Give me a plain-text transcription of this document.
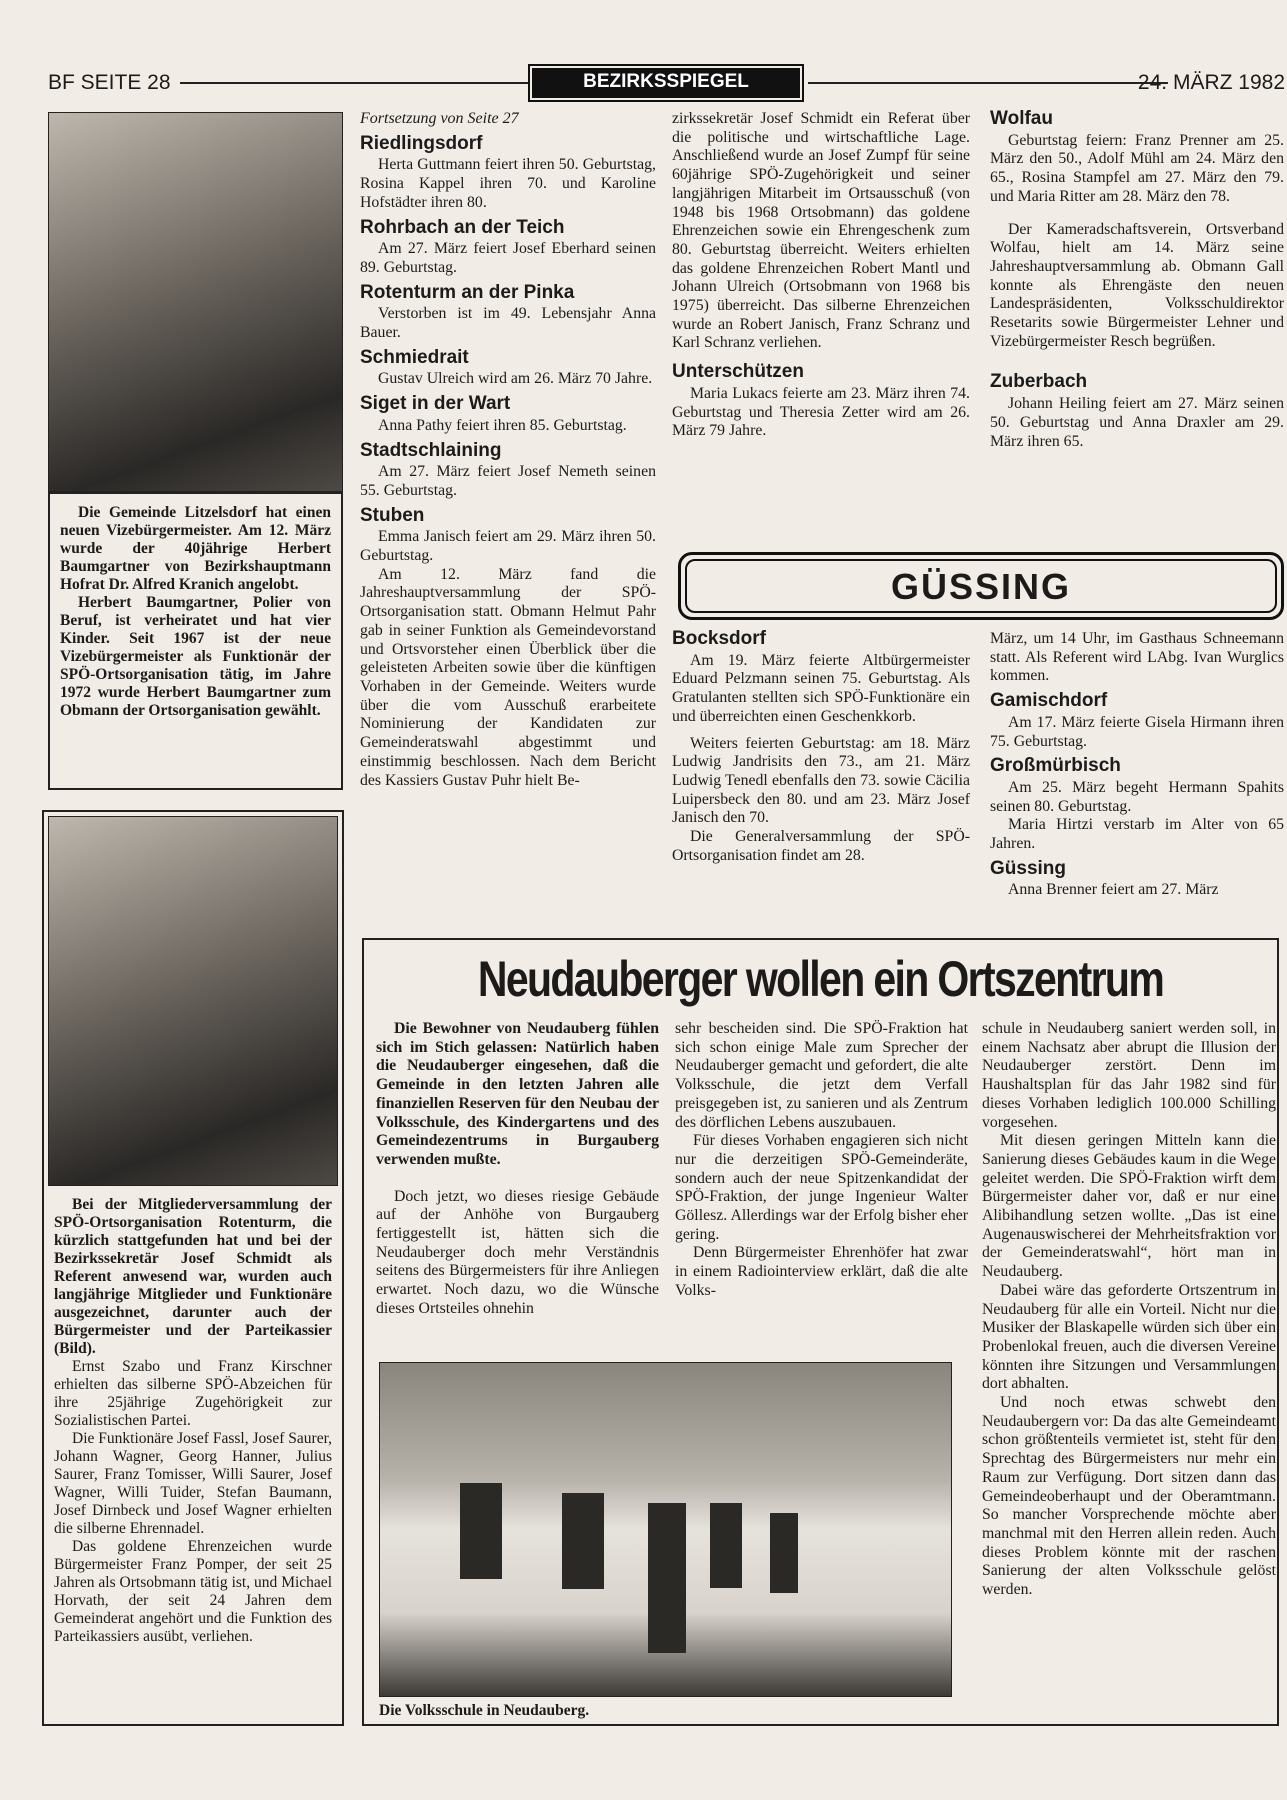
BF SEITE 28	BEZIRKSSPIEGEL	24. MÄRZ 1982

Die Gemeinde Litzelsdorf hat einen neuen Vizebürgermeister. Am 12. März wurde der 40jährige Herbert Baumgartner von Bezirkshauptmann Hofrat Dr. Alfred Kranich angelobt.

Herbert Baumgartner, Polier von Beruf, ist verheiratet und hat vier Kinder. Seit 1967 ist der neue Vizebürgermeister als Funktionär der SPÖ-Ortsorganisation tätig, im Jahre 1972 wurde Herbert Baumgartner zum Obmann der Ortsorganisation gewählt.

Bei der Mitgliederversammlung der SPÖ-Ortsorganisation Rotenturm, die kürzlich stattgefunden hat und bei der Bezirkssekretär Josef Schmidt als Referent anwesend war, wurden auch langjährige Mitglieder und Funktionäre ausgezeichnet, darunter auch der Bürgermeister und der Parteikassier (Bild).

Ernst Szabo und Franz Kirschner erhielten das silberne SPÖ-Abzeichen für ihre 25jährige Zugehörigkeit zur Sozialistischen Partei.

Die Funktionäre Josef Fassl, Josef Saurer, Johann Wagner, Georg Hanner, Julius Saurer, Franz Tomisser, Willi Saurer, Josef Wagner, Willi Tuider, Stefan Baumann, Josef Dirnbeck und Josef Wagner erhielten die silberne Ehrennadel.

Das goldene Ehrenzeichen wurde Bürgermeister Franz Pomper, der seit 25 Jahren als Ortsobmann tätig ist, und Michael Horvath, der seit 24 Jahren dem Gemeinderat angehört und die Funktion des Parteikassiers ausübt, verliehen.

Fortsetzung von Seite 27
Riedlingsdorf

Herta Guttmann feiert ihren 50. Geburtstag, Rosina Kappel ihren 70. und Karoline Hofstädter ihren 80.

Rohrbach an der Teich

Am 27. März feiert Josef Eberhard seinen 89. Geburtstag.

Rotenturm an der Pinka

Verstorben ist im 49. Lebensjahr Anna Bauer.

Schmiedrait

Gustav Ulreich wird am 26. März 70 Jahre.

Siget in der Wart

Anna Pathy feiert ihren 85. Geburtstag.

Stadtschlaining

Am 27. März feiert Josef Nemeth seinen 55. Geburtstag.

Stuben

Emma Janisch feiert am 29. März ihren 50. Geburtstag.

Am 12. März fand die Jahreshauptversammlung der SPÖ-Ortsorganisation statt. Obmann Helmut Pahr gab in seiner Funktion als Gemeindevorstand und Ortsvorsteher einen Überblick über die geleisteten Arbeiten sowie über die künftigen Vorhaben in der Gemeinde. Weiters wurde über die vom Ausschuß erarbeitete Nominierung der Kandidaten zur Gemeinderatswahl abgestimmt und einstimmig beschlossen. Nach dem Bericht des Kassiers Gustav Puhr hielt Be-

zirkssekretär Josef Schmidt ein Referat über die politische und wirtschaftliche Lage. Anschließend wurde an Josef Zumpf für seine 60jährige SPÖ-Zugehörigkeit und seiner langjährigen Mitarbeit im Ortsausschuß (von 1948 bis 1968 Ortsobmann) das goldene Ehrenzeichen sowie ein Ehrengeschenk zum 80. Geburtstag überreicht. Weiters erhielten das goldene Ehrenzeichen Robert Mantl und Johann Ulreich (Ortsobmann von 1968 bis 1975) überreicht. Das silberne Ehrenzeichen wurde an Robert Janisch, Franz Schranz und Karl Schranz verliehen.
Unterschützen

Maria Lukacs feierte am 23. März ihren 74. Geburtstag und Theresia Zetter wird am 26. März 79 Jahre.

Wolfau

Geburtstag feiern: Franz Prenner am 25. März den 50., Adolf Mühl am 24. März den 65., Rosina Stampfel am 27. März den 79. und Maria Ritter am 28. März den 78.

Der Kameradschaftsverein, Ortsverband Wolfau, hielt am 14. März seine Jahreshauptversammlung ab. Obmann Gall konnte als Ehrengäste den neuen Landespräsidenten, Volksschuldirektor Resetarits sowie Bürgermeister Lehner und Vizebürgermeister Resch begrüßen.

Zuberbach

Johann Heiling feiert am 27. März seinen 50. Geburtstag und Anna Draxler am 29. März ihren 65.

GÜSSING
Bocksdorf

Am 19. März feierte Altbürgermeister Eduard Pelzmann seinen 75. Geburtstag. Als Gratulanten stellten sich SPÖ-Funktionäre ein und überreichten einen Geschenkkorb.

Weiters feierten Geburtstag: am 18. März Ludwig Jandrisits den 73., am 21. März Ludwig Tenedl ebenfalls den 73. sowie Cäcilia Luipersbeck den 80. und am 23. März Josef Janisch den 70.

Die Generalversammlung der SPÖ-Ortsorganisation findet am 28.

März, um 14 Uhr, im Gasthaus Schneemann statt. Als Referent wird LAbg. Ivan Wurglics kommen.
Gamischdorf

Am 17. März feierte Gisela Hirmann ihren 75. Geburtstag.

Großmürbisch

Am 25. März begeht Hermann Spahits seinen 80. Geburtstag.

Maria Hirtzi verstarb im Alter von 65 Jahren.

Güssing

Anna Brenner feiert am 27. März

Neudauberger wollen ein Ortszentrum
Die Bewohner von Neudauberg fühlen sich im Stich gelassen: Natürlich haben die Neudauberger eingesehen, daß die Gemeinde in den letzten Jahren alle finanziellen Reserven für den Neubau der Volksschule, des Kindergartens und des Gemeindezentrums in Burgauberg verwenden mußte.

Doch jetzt, wo dieses riesige Gebäude auf der Anhöhe von Burgauberg fertiggestellt ist, hätten sich die Neudauberger doch mehr Verständnis seitens des Bürgermeisters für ihre Anliegen erwartet. Noch dazu, wo die Wünsche dieses Ortsteiles ohnehin

sehr bescheiden sind. Die SPÖ-Fraktion hat sich schon einige Male zum Sprecher der Neudauberger gemacht und gefordert, die alte Volksschule, die jetzt dem Verfall preisgegeben ist, zu sanieren und als Zentrum des dörflichen Lebens auszubauen.

Für dieses Vorhaben engagieren sich nicht nur die derzeitigen SPÖ-Gemeinderäte, sondern auch der neue Spitzenkandidat der SPÖ-Fraktion, der junge Ingenieur Walter Göllesz. Allerdings war der Erfolg bisher eher gering.

Denn Bürgermeister Ehrenhöfer hat zwar in einem Radiointerview erklärt, daß die alte Volks-

schule in Neudauberg saniert werden soll, in einem Nachsatz aber abrupt die Illusion der Neudauberger zerstört. Denn im Haushaltsplan für das Jahr 1982 sind für dieses Vorhaben lediglich 100.000 Schilling vorgesehen.

Mit diesen geringen Mitteln kann die Sanierung dieses Gebäudes kaum in die Wege geleitet werden. Die SPÖ-Fraktion wirft dem Bürgermeister daher vor, daß er nur eine Alibihandlung setzen wollte. „Das ist eine Augenauswischerei der Mehrheitsfraktion vor der Gemeinderatswahl“, hört man in Neudauberg.

Dabei wäre das geforderte Ortszentrum in Neudauberg für alle ein Vorteil. Nicht nur die Musiker der Blaskapelle würden sich über ein Probenlokal freuen, auch die diversen Vereine könnten ihre Sitzungen und Versammlungen dort abhalten.

Und noch etwas schwebt den Neudaubergern vor: Da das alte Gemeindeamt schon größtenteils vermietet ist, steht für den Sprechtag des Bürgermeisters nur mehr ein Raum zur Verfügung. Dort sitzen dann das Gemeindeoberhaupt und der Oberamtmann. So mancher Vorsprechende möchte aber manchmal mit den Herren allein reden. Auch dieses Problem könnte mit der raschen Sanierung der alten Volksschule gelöst werden.

Die Volksschule in Neudauberg.
